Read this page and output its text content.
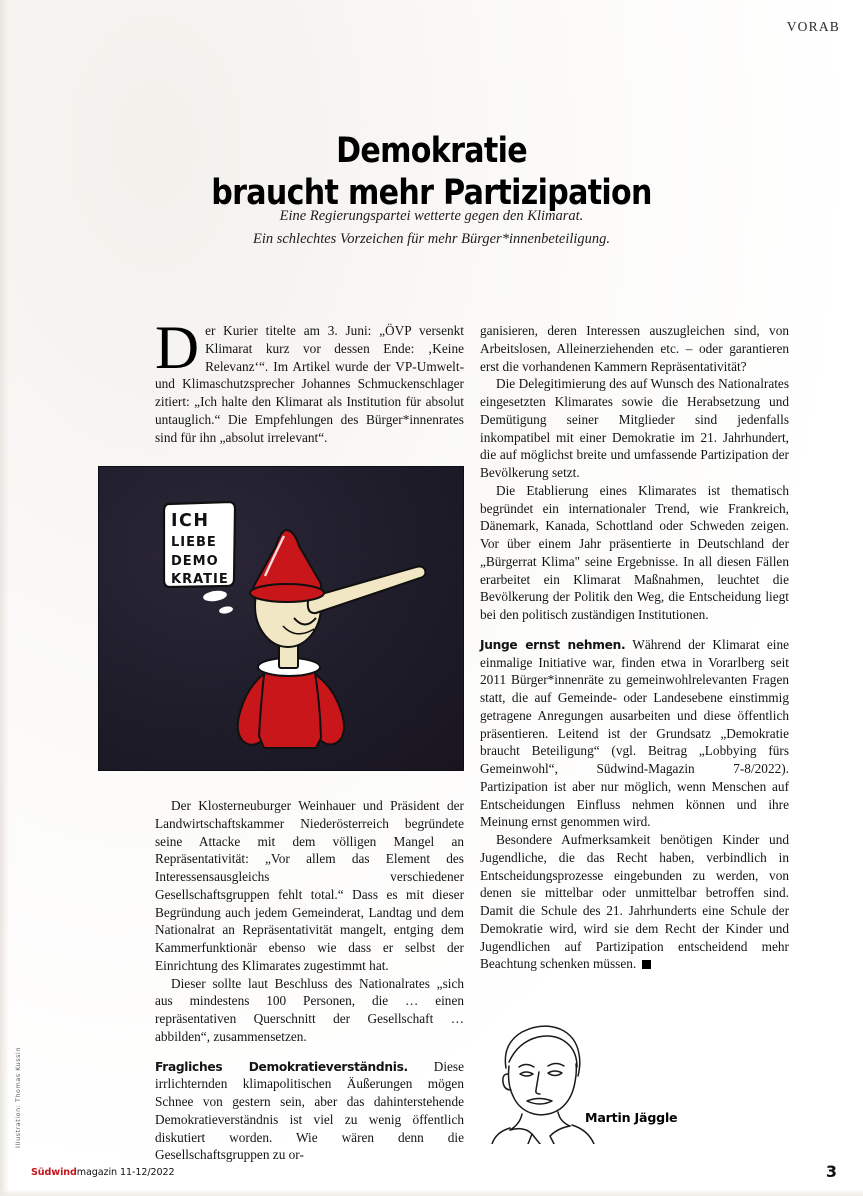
VORAB
Demokratie
braucht mehr Partizipation
Eine Regierungspartei wetterte gegen den Klimarat.
Ein schlechtes Vorzeichen für mehr Bürger*innenbeteiligung.

Der Kurier titelte am 3. Juni: „ÖVP versenkt Klimarat kurz vor dessen Ende: ‚Keine Relevanz‘“. Im Artikel wurde der VP-Umwelt- und Klimaschutzsprecher Johannes Schmuckenschlager zitiert: „Ich halte den Klimarat als Institution für absolut untauglich.“ Die Empfehlungen des Bürger*innenrates sind für ihn „absolut irrelevant“.

ICH
LIEBE
DEMO
KRATIE

Der Klosterneuburger Weinhauer und Präsident der Landwirtschaftskammer Niederösterreich begründete seine Attacke mit dem völligen Mangel an Repräsentativität: „Vor allem das Element des Interessensausgleichs verschiedener Gesellschaftsgruppen fehlt total.“ Dass es mit dieser Begründung auch jedem Gemeinderat, Landtag und dem Nationalrat an Repräsentativität mangelt, entging dem Kammerfunktionär ebenso wie dass er selbst der Einrichtung des Klimarates zugestimmt hat.

Dieser sollte laut Beschluss des Nationalrates „sich aus mindestens 100 Personen, die … einen repräsentativen Querschnitt der Gesellschaft … abbilden“, zusammensetzen.

Fragliches Demokratieverständnis. Diese irrlichternden klimapolitischen Äußerungen mögen Schnee von gestern sein, aber das dahinterstehende Demokratieverständnis ist viel zu wenig öffentlich diskutiert worden. Wie wären denn die Gesellschaftsgruppen zu or-

ganisieren, deren Interessen auszugleichen sind, von Arbeitslosen, Alleinerziehenden etc. – oder garantieren erst die vorhandenen Kammern Repräsentativität?

Die Delegitimierung des auf Wunsch des Nationalrates eingesetzten Klimarates sowie die Herabsetzung und Demütigung seiner Mitglieder sind jedenfalls inkompatibel mit einer Demokratie im 21. Jahrhundert, die auf möglichst breite und umfassende Partizipation der Bevölkerung setzt.

Die Etablierung eines Klimarates ist thematisch begründet ein internationaler Trend, wie Frankreich, Dänemark, Kanada, Schottland oder Schweden zeigen. Vor über einem Jahr präsentierte in Deutschland der „Bürgerrat Klima" seine Ergebnisse. In all diesen Fällen erarbeitet ein Klimarat Maßnahmen, leuchtet die Bevölkerung der Politik den Weg, die Entscheidung liegt bei den politisch zuständigen Institutionen.

Junge ernst nehmen. Während der Klimarat eine einmalige Initiative war, finden etwa in Vorarlberg seit 2011 Bürger*innenräte zu gemeinwohlrelevanten Fragen statt, die auf Gemeinde- oder Landesebene einstimmig getragene Anregungen ausarbeiten und diese öffentlich präsentieren. Leitend ist der Grundsatz „Demokratie braucht Beteiligung“ (vgl. Beitrag „Lobbying fürs Gemeinwohl“, Südwind-Magazin 7-8/2022). Partizipation ist aber nur möglich, wenn Menschen auf Entscheidungen Einfluss nehmen können und ihre Meinung ernst genommen wird.

Besondere Aufmerksamkeit benötigen Kinder und Jugendliche, die das Recht haben, verbindlich in Entscheidungsprozesse eingebunden zu werden, von denen sie mittelbar oder unmittelbar betroffen sind. Damit die Schule des 21. Jahrhunderts eine Schule der Demokratie wird, wird sie dem Recht der Kinder und Jugendlichen auf Partizipation entscheidend mehr Beachtung schenken müssen.

Martin Jäggle
Illustration: Thomas Kussin
Südwindmagazin 11-12/2022	3
